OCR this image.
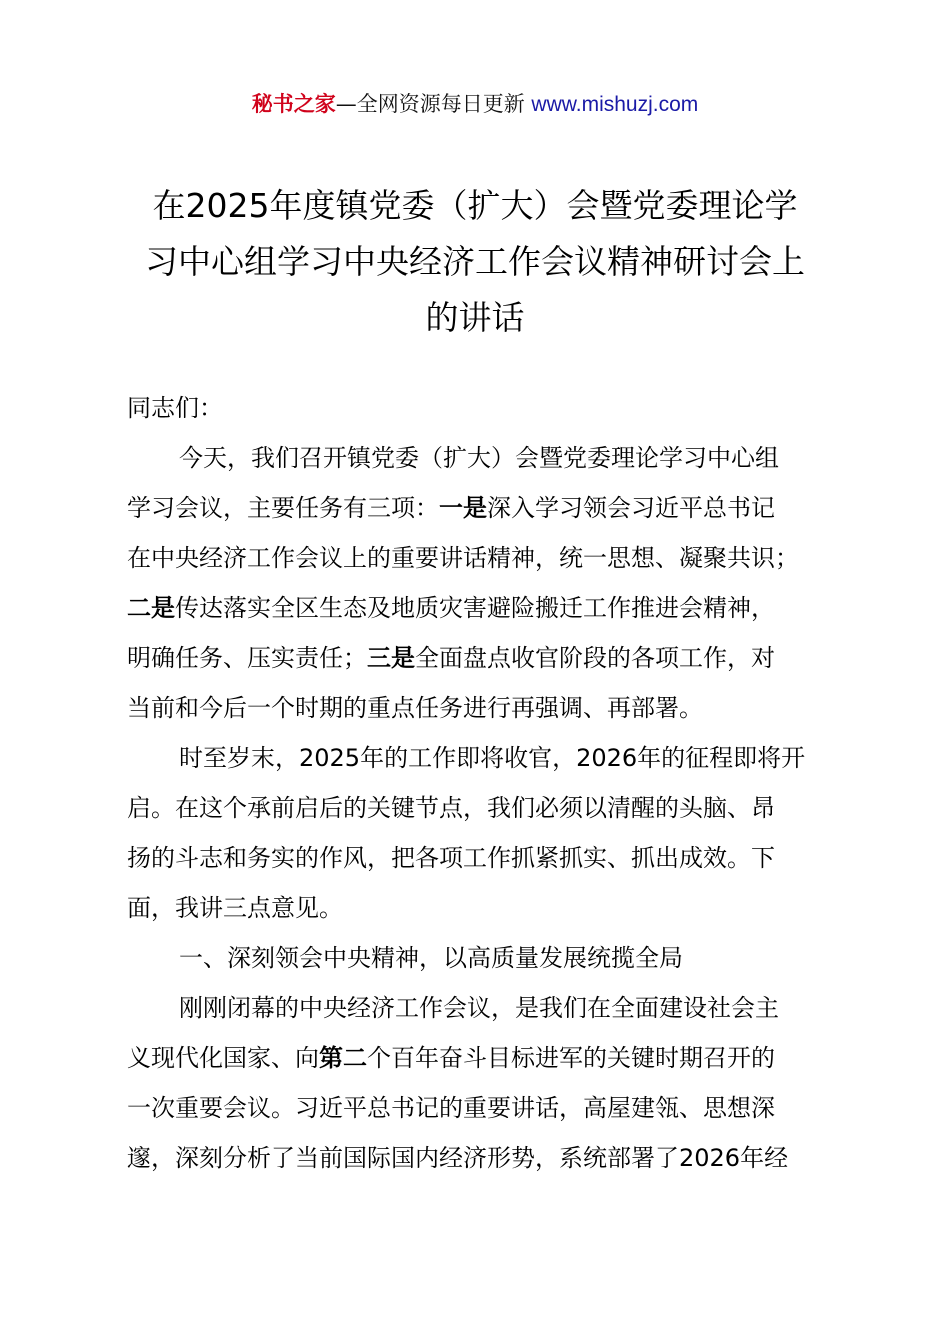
秘书之家—全网资源每日更新 www.mishuzj.com
在2025年度镇党委（扩大）会暨党委理论学
习中心组学习中央经济工作会议精神研讨会上
的讲话

同志们：

今天，我们召开镇党委（扩大）会暨党委理论学习中心组

学习会议，主要任务有三项：一是深入学习领会习近平总书记

在中央经济工作会议上的重要讲话精神，统一思想、凝聚共识；

二是传达落实全区生态及地质灾害避险搬迁工作推进会精神，

明确任务、压实责任；三是全面盘点收官阶段的各项工作，对

当前和今后一个时期的重点任务进行再强调、再部署。

时至岁末，2025年的工作即将收官，2026年的征程即将开

启。在这个承前启后的关键节点，我们必须以清醒的头脑、昂

扬的斗志和务实的作风，把各项工作抓紧抓实、抓出成效。下

面，我讲三点意见。

一、深刻领会中央精神，以高质量发展统揽全局

刚刚闭幕的中央经济工作会议，是我们在全面建设社会主

义现代化国家、向第二个百年奋斗目标进军的关键时期召开的

一次重要会议。习近平总书记的重要讲话，高屋建瓴、思想深

邃，深刻分析了当前国际国内经济形势，系统部署了2026年经
